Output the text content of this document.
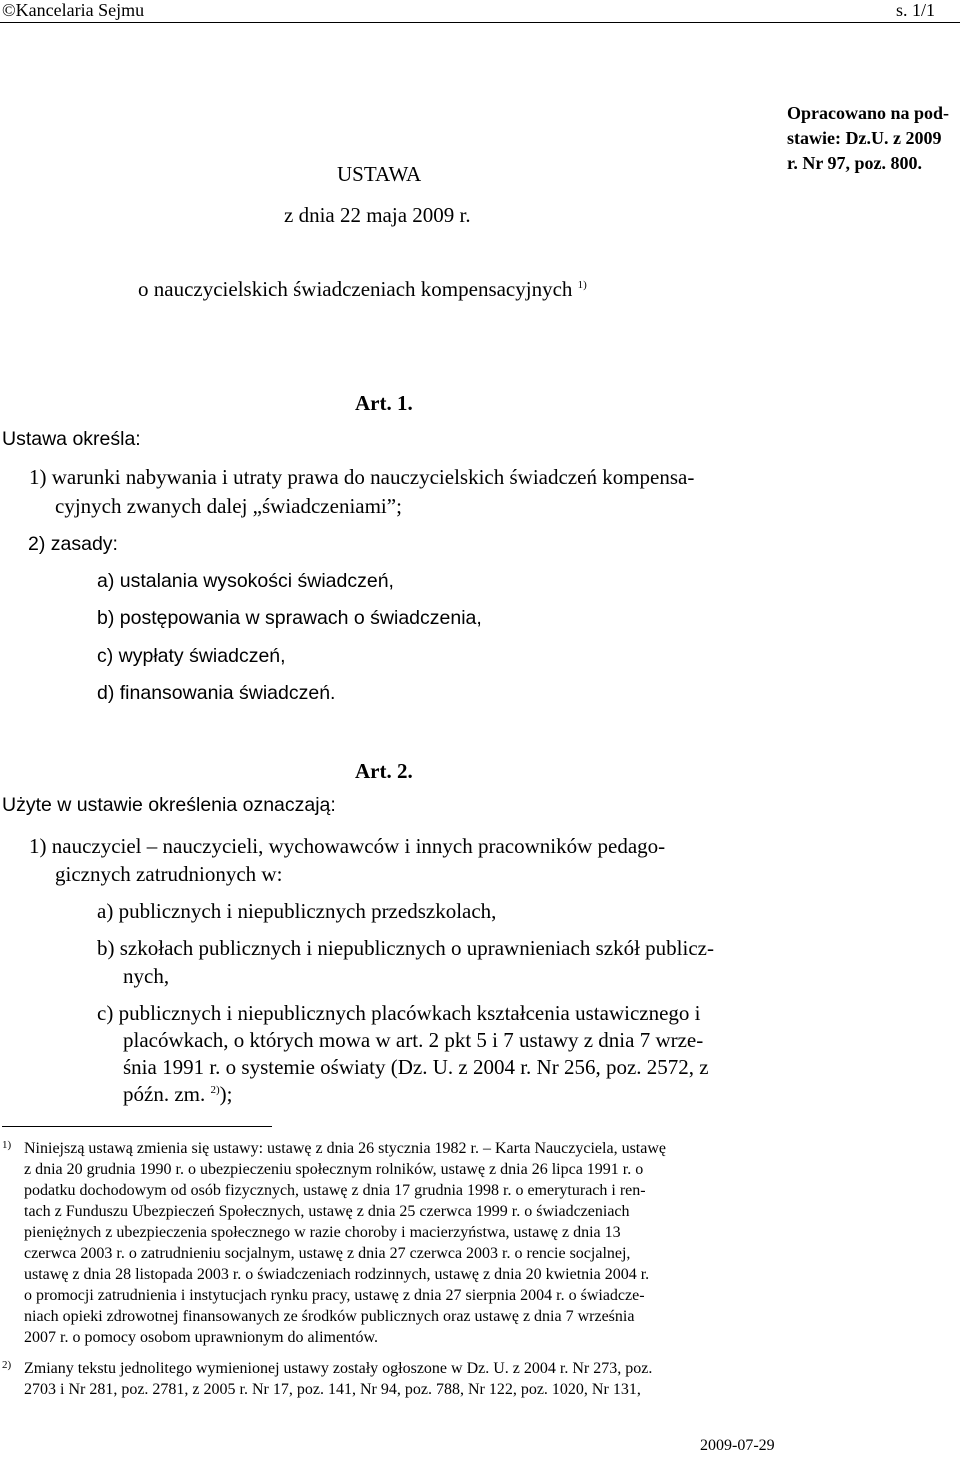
©Kancelaria Sejmu	s. 1/1
Opracowano na pod-
stawie: Dz.U. z 2009
r. Nr 97, poz. 800.
USTAWA
z dnia 22 maja 2009 r.
o nauczycielskich świadczeniach kompensacyjnych $^{1)}$
Art. 1.
Ustawa określa:
1) warunki nabywania i utraty prawa do nauczycielskich świadczeń kompensa-
cyjnych zwanych dalej „świadczeniami”;
2) zasady:
a) ustalania wysokości świadczeń,
b) postępowania w sprawach o świadczenia,
c) wypłaty świadczeń,
d) finansowania świadczeń.
Art. 2.
Użyte w ustawie określenia oznaczają:
1) nauczyciel – nauczycieli, wychowawców i innych pracowników pedago-
gicznych zatrudnionych w:
a) publicznych i niepublicznych przedszkolach,
b) szkołach publicznych i niepublicznych o uprawnieniach szkół publicz-
nych,
c) publicznych i niepublicznych placówkach kształcenia ustawicznego i
placówkach, o których mowa w art. 2 pkt 5 i 7 ustawy z dnia 7 wrze-
śnia 1991 r. o systemie oświaty (Dz. U. z 2004 r. Nr 256, poz. 2572, z
późn. zm. $^{2)}$);
1) Niniejszą ustawą zmienia się ustawy: ustawę z dnia 26 stycznia 1982 r. – Karta Nauczyciela, ustawę
z dnia 20 grudnia 1990 r. o ubezpieczeniu społecznym rolników, ustawę z dnia 26 lipca 1991 r. o
podatku dochodowym od osób fizycznych, ustawę z dnia 17 grudnia 1998 r. o emeryturach i ren-
tach z Funduszu Ubezpieczeń Społecznych, ustawę z dnia 25 czerwca 1999 r. o świadczeniach
pieniężnych z ubezpieczenia społecznego w razie choroby i macierzyństwa, ustawę z dnia 13
czerwca 2003 r. o zatrudnieniu socjalnym, ustawę z dnia 27 czerwca 2003 r. o rencie socjalnej,
ustawę z dnia 28 listopada 2003 r. o świadczeniach rodzinnych, ustawę z dnia 20 kwietnia 2004 r.
o promocji zatrudnienia i instytucjach rynku pracy, ustawę z dnia 27 sierpnia 2004 r. o świadcze-
niach opieki zdrowotnej finansowanych ze środków publicznych oraz ustawę z dnia 7 września
2007 r. o pomocy osobom uprawnionym do alimentów.
2) Zmiany tekstu jednolitego wymienionej ustawy zostały ogłoszone w Dz. U. z 2004 r. Nr 273, poz.
2703 i Nr 281, poz. 2781, z 2005 r. Nr 17, poz. 141, Nr 94, poz. 788, Nr 122, poz. 1020, Nr 131,
2009-07-29
